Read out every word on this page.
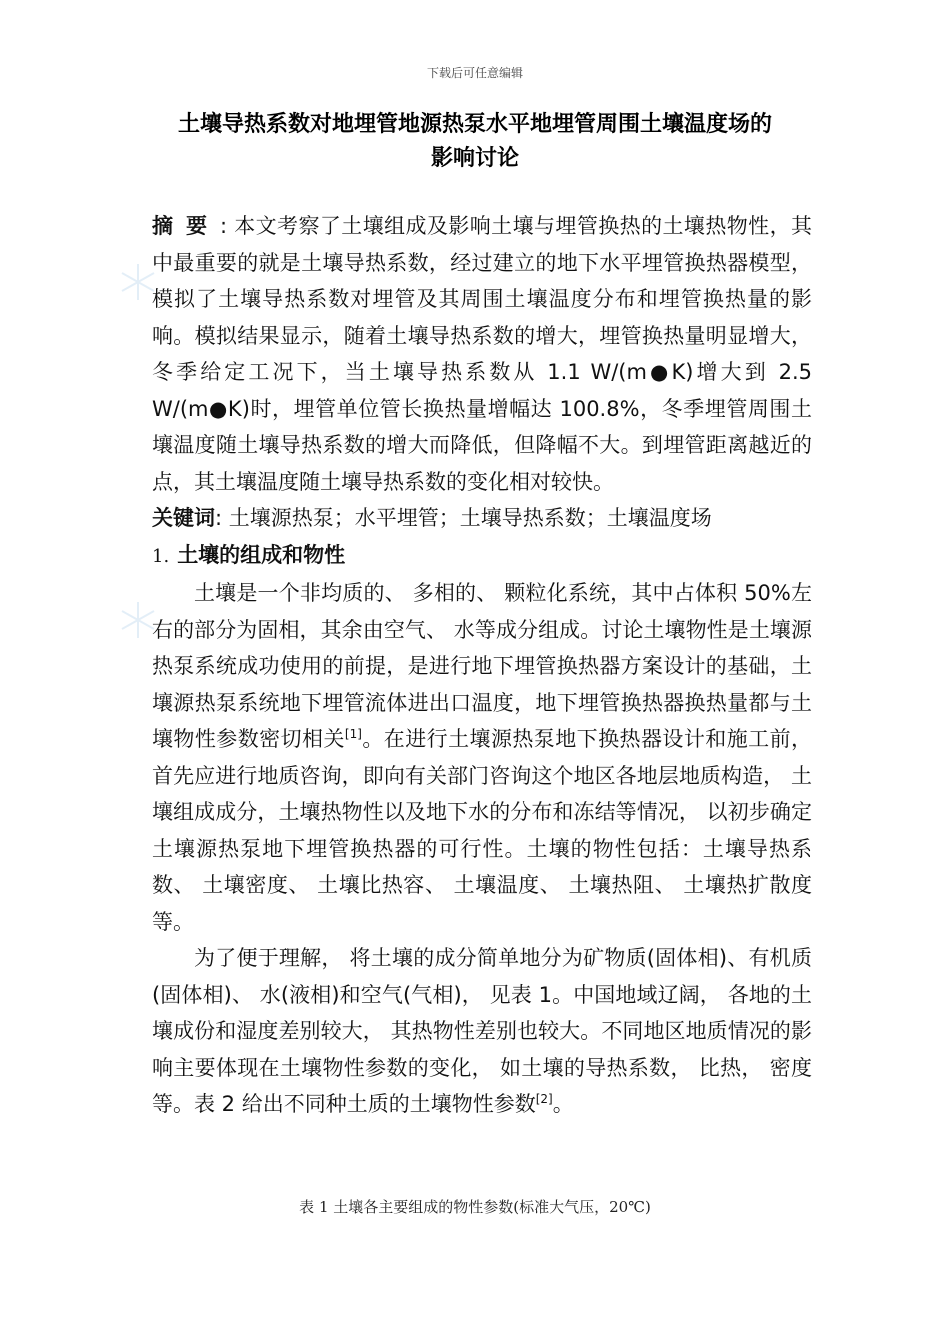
下载后可任意编辑
土壤导热系数对地埋管地源热泵水平地埋管周围土壤温度场的
影响讨论

摘要: 本文考察了土壤组成及影响土壤与埋管换热的土壤热物性，其中最重要的就是土壤导热系数，经过建立的地下水平埋管换热器模型，模拟了土壤导热系数对埋管及其周围土壤温度分布和埋管换热量的影响。模拟结果显示，随着土壤导热系数的增大，埋管换热量明显增大，冬季给定工况下，当土壤导热系数从 1.1 W/(m●K)增大到 2.5 W/(m●K)时，埋管单位管长换热量增幅达 100.8%，冬季埋管周围土壤温度随土壤导热系数的增大而降低，但降幅不大。到埋管距离越近的点，其土壤温度随土壤导热系数的变化相对较快。

关键词: 土壤源热泵；水平埋管；土壤导热系数；土壤温度场

1. 土壤的组成和物性

土壤是一个非均质的、 多相的、 颗粒化系统，其中占体积 50%左右的部分为固相，其余由空气、 水等成分组成。讨论土壤物性是土壤源热泵系统成功使用的前提，是进行地下埋管换热器方案设计的基础，土壤源热泵系统地下埋管流体进出口温度，地下埋管换热器换热量都与土壤物性参数密切相关[1]。在进行土壤源热泵地下换热器设计和施工前，首先应进行地质咨询，即向有关部门咨询这个地区各地层地质构造， 土壤组成成分，土壤热物性以及地下水的分布和冻结等情况， 以初步确定土壤源热泵地下埋管换热器的可行性。土壤的物性包括：土壤导热系数、 土壤密度、 土壤比热容、 土壤温度、 土壤热阻、 土壤热扩散度等。

为了便于理解， 将土壤的成分简单地分为矿物质(固体相)、有机质(固体相)、 水(液相)和空气(气相)， 见表 1。中国地域辽阔， 各地的土壤成份和湿度差别较大， 其热物性差别也较大。不同地区地质情况的影响主要体现在土壤物性参数的变化， 如土壤的导热系数， 比热， 密度等。表 2 给出不同种土质的土壤物性参数[2]。

表 1 土壤各主要组成的物性参数(标准大气压，20℃)
